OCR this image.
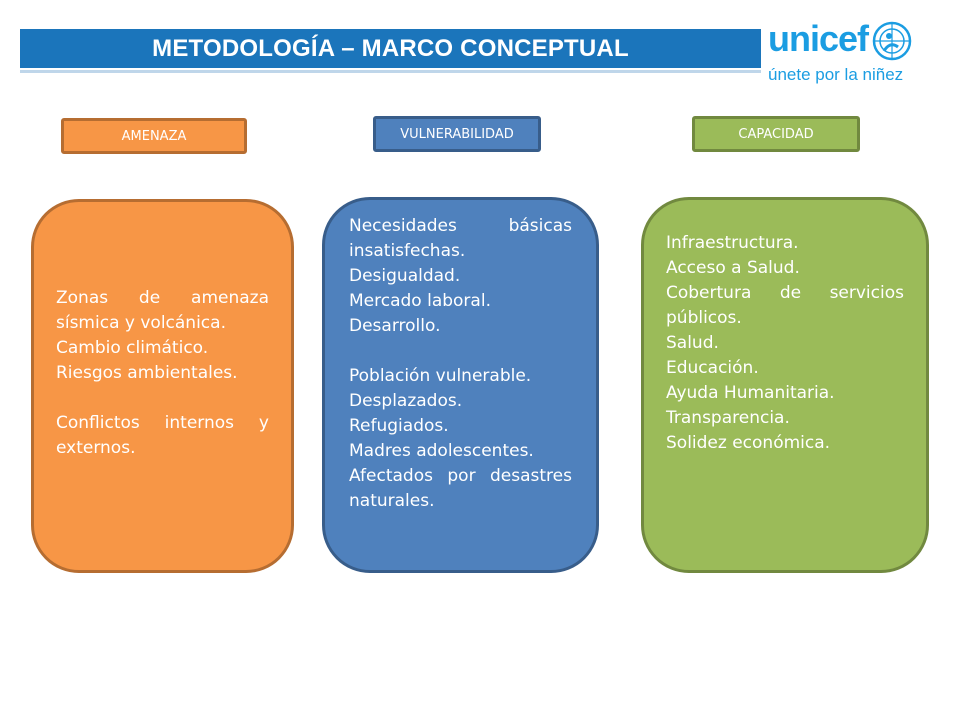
METODOLOGÍA – MARCO CONCEPTUAL	unicef
únete por la niñez
AMENAZA	VULNERABILIDAD	CAPACIDAD

Zonas de amenaza sísmica y volcánica.

Cambio climático.

Riesgos ambientales.

Conflictos internos y externos.

Necesidades básicas insatisfechas.

Desigualdad.

Mercado laboral.

Desarrollo.

Población vulnerable.

Desplazados.

Refugiados.

Madres adolescentes.

Afectados por desastres naturales.

Infraestructura.

Acceso a Salud.

Cobertura de servicios públicos.

Salud.

Educación.

Ayuda Humanitaria.

Transparencia.

Solidez económica.
